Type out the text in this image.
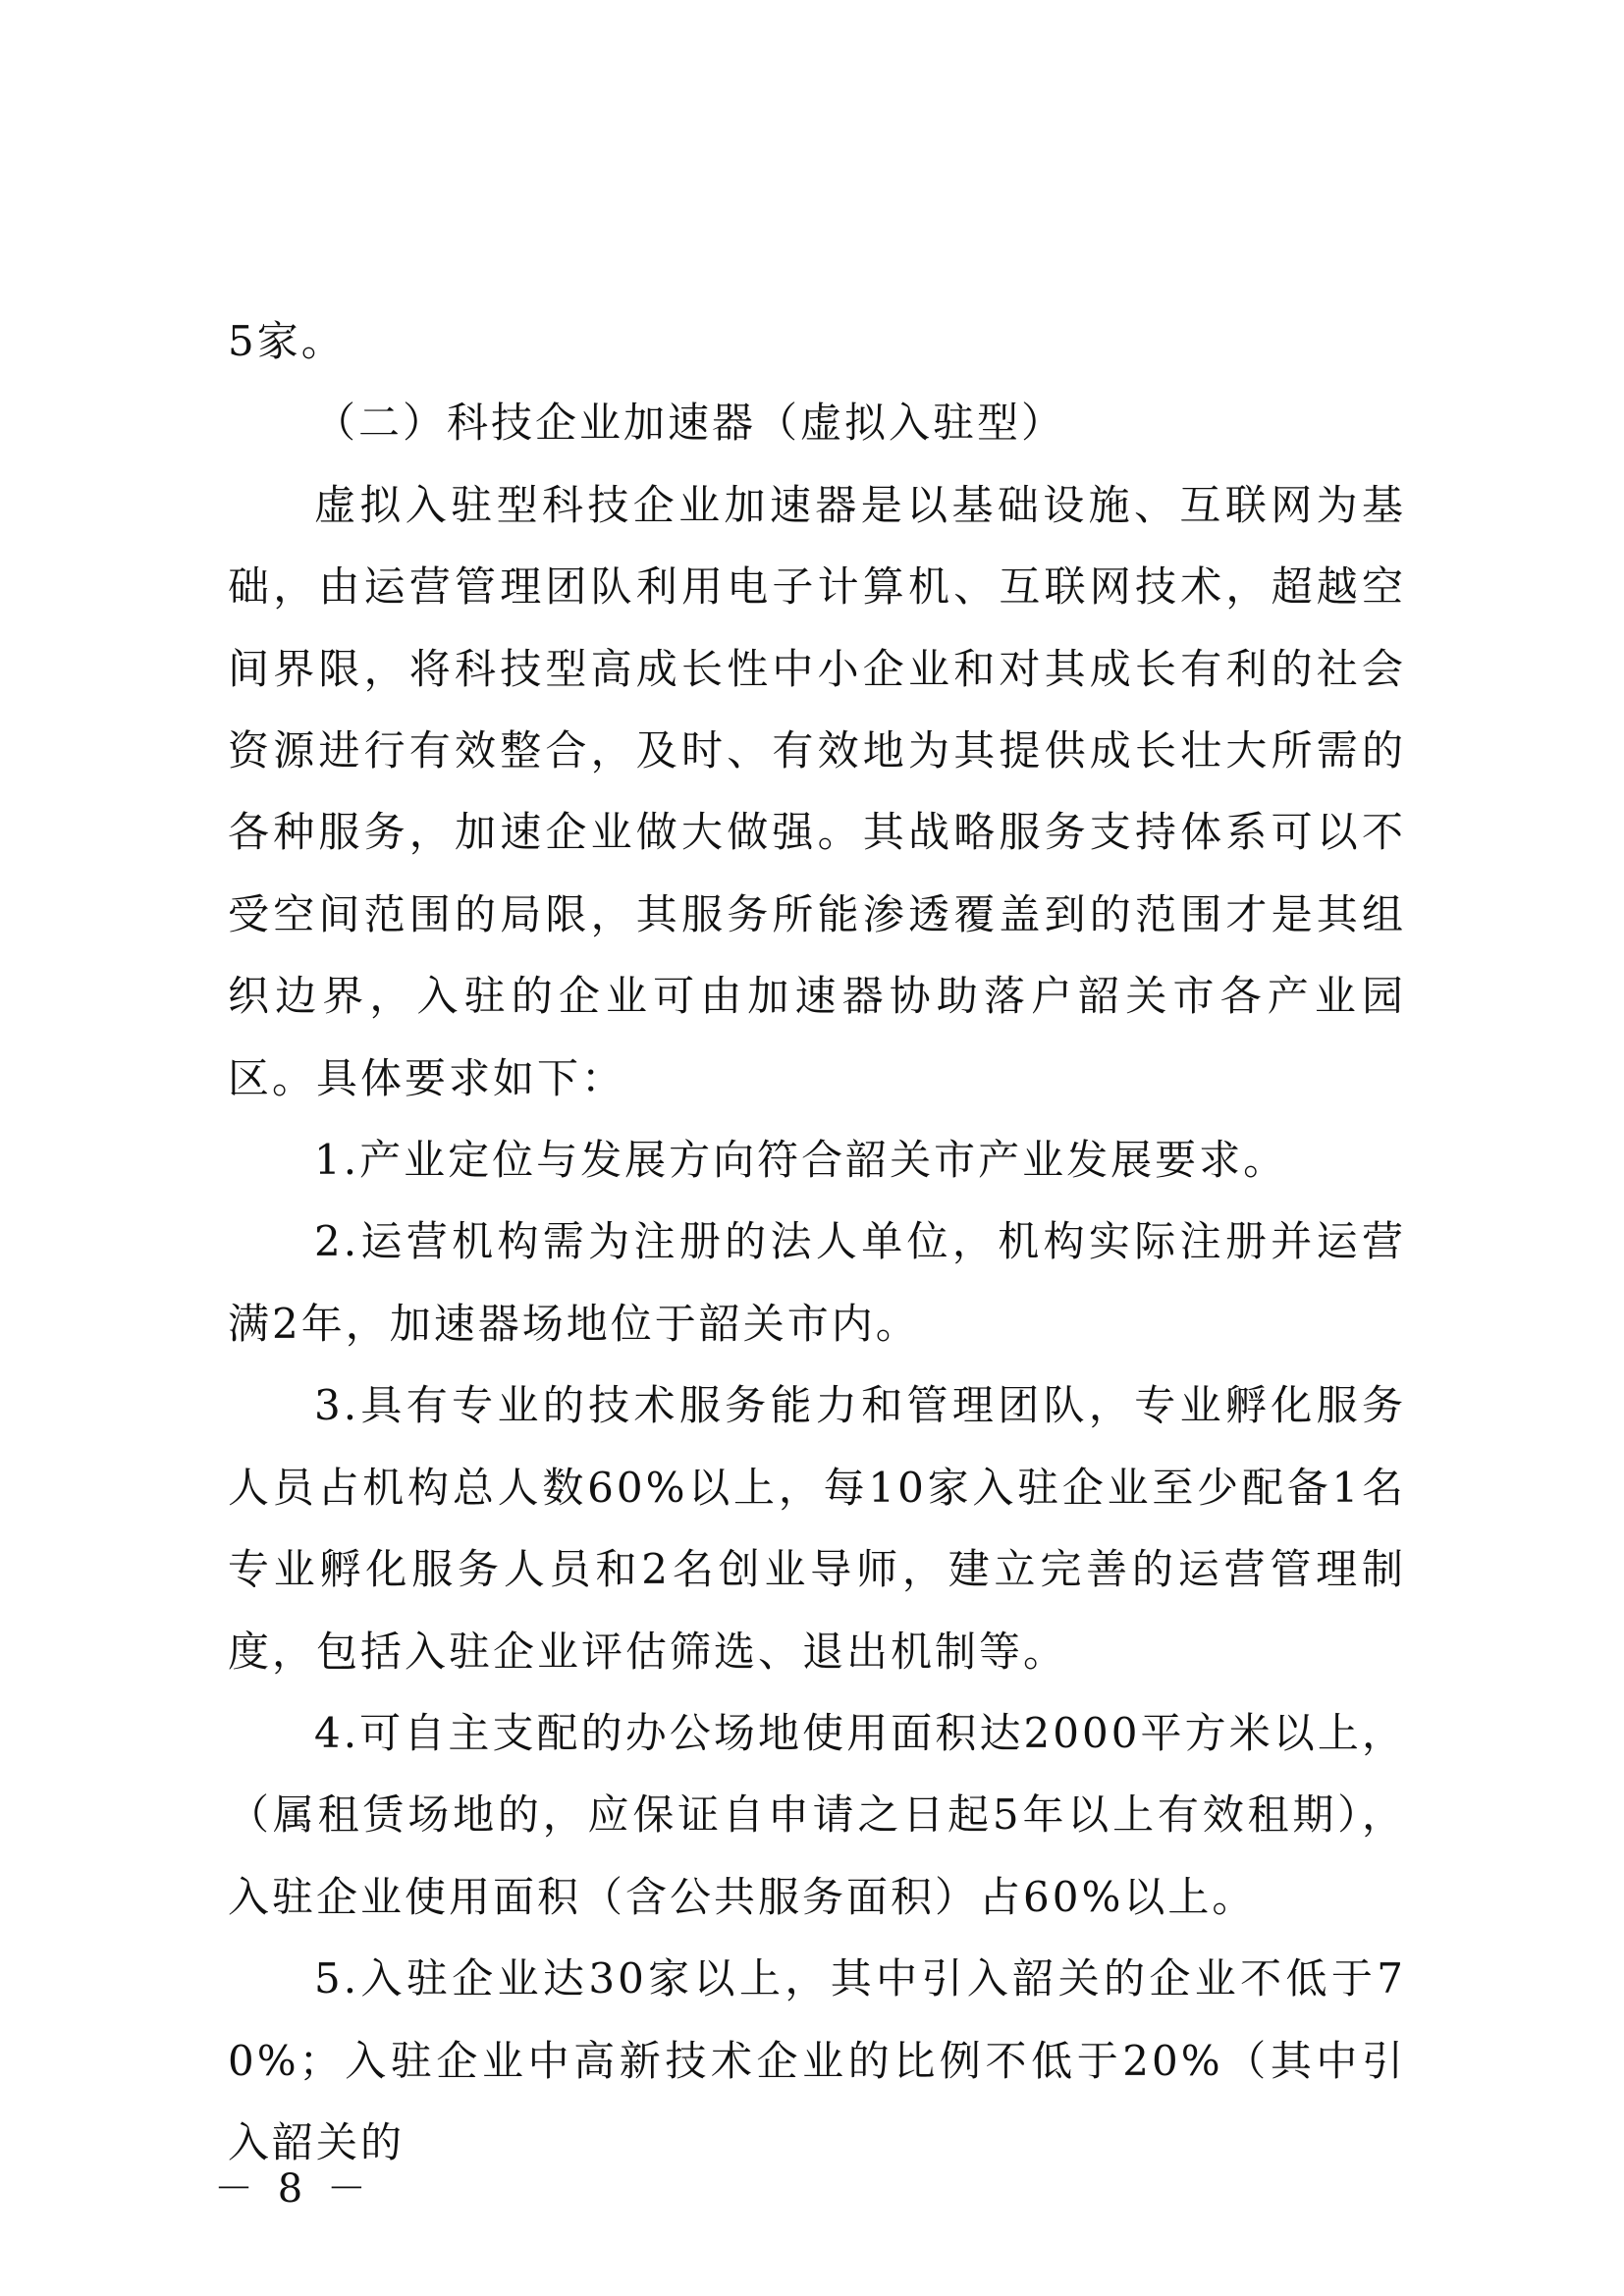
5家。

（二）科技企业加速器（虚拟入驻型）

虚拟入驻型科技企业加速器是以基础设施、互联网为基础，由运营管理团队利用电子计算机、互联网技术，超越空间界限，将科技型高成长性中小企业和对其成长有利的社会资源进行有效整合，及时、有效地为其提供成长壮大所需的各种服务，加速企业做大做强。其战略服务支持体系可以不受空间范围的局限，其服务所能渗透覆盖到的范围才是其组织边界，入驻的企业可由加速器协助落户韶关市各产业园区。具体要求如下：

1.产业定位与发展方向符合韶关市产业发展要求。

2.运营机构需为注册的法人单位，机构实际注册并运营满2年，加速器场地位于韶关市内。

3.具有专业的技术服务能力和管理团队，专业孵化服务人员占机构总人数60%以上，每10家入驻企业至少配备1名专业孵化服务人员和2名创业导师，建立完善的运营管理制度，包括入驻企业评估筛选、退出机制等。

4.可自主支配的办公场地使用面积达2000平方米以上，（属租赁场地的，应保证自申请之日起5年以上有效租期），入驻企业使用面积（含公共服务面积）占60%以上。

5.入驻企业达30家以上，其中引入韶关的企业不低于70%；入驻企业中高新技术企业的比例不低于20%（其中引入韶关的

－ 8 －
